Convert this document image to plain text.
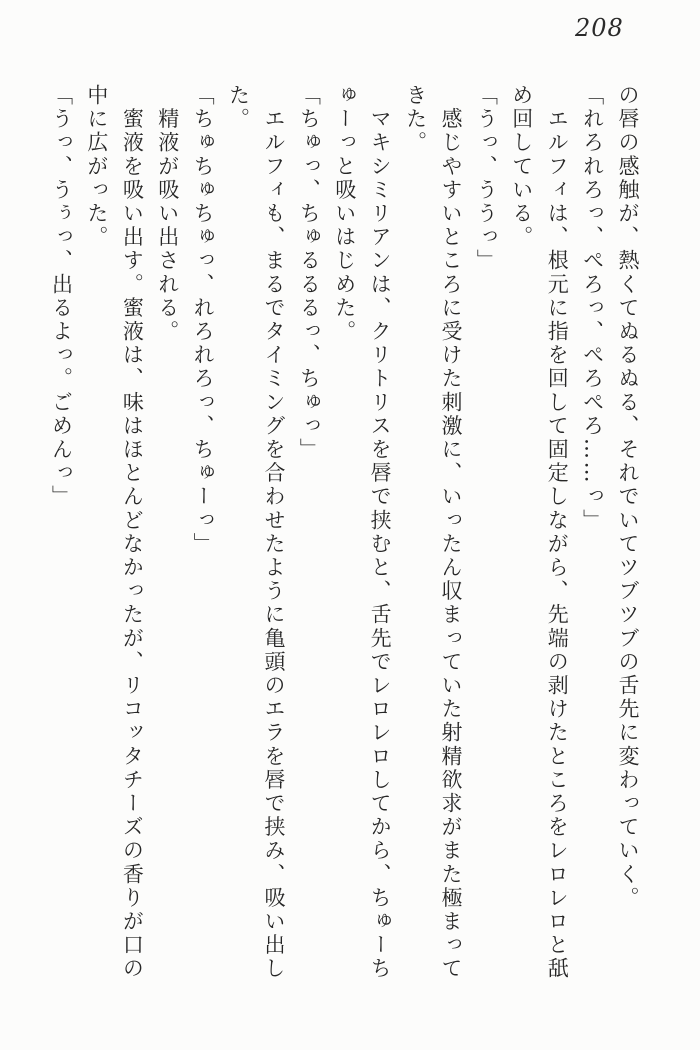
208

の唇の感触が、熱くてぬるぬる、それでいてツブツブの舌先に変わっていく。

「れろれろっ、ぺろっ、ぺろぺろ……っ」

　エルフィは、根元に指を回して固定しながら、先端の剥けたところをレロレロと舐

め回している。

「うっ、ううっ」

　感じやすいところに受けた刺激に、いったん収まっていた射精欲求がまた極まって

きた。

　マキシミリアンは、クリトリスを唇で挟むと、舌先でレロレロしてから、ちゅーち

ゅーっと吸いはじめた。

「ちゅっ、ちゅるるるっ、ちゅっ」

　エルフィも、まるでタイミングを合わせたように亀頭のエラを唇で挟み、吸い出し

た。

「ちゅちゅちゅっ、れろれろっ、ちゅーっ」

　精液が吸い出される。

　蜜液を吸い出す。蜜液は、味はほとんどなかったが、リコッタチーズの香りが口の

中に広がった。

「うっ、うぅっ、出るよっ。ごめんっ」
